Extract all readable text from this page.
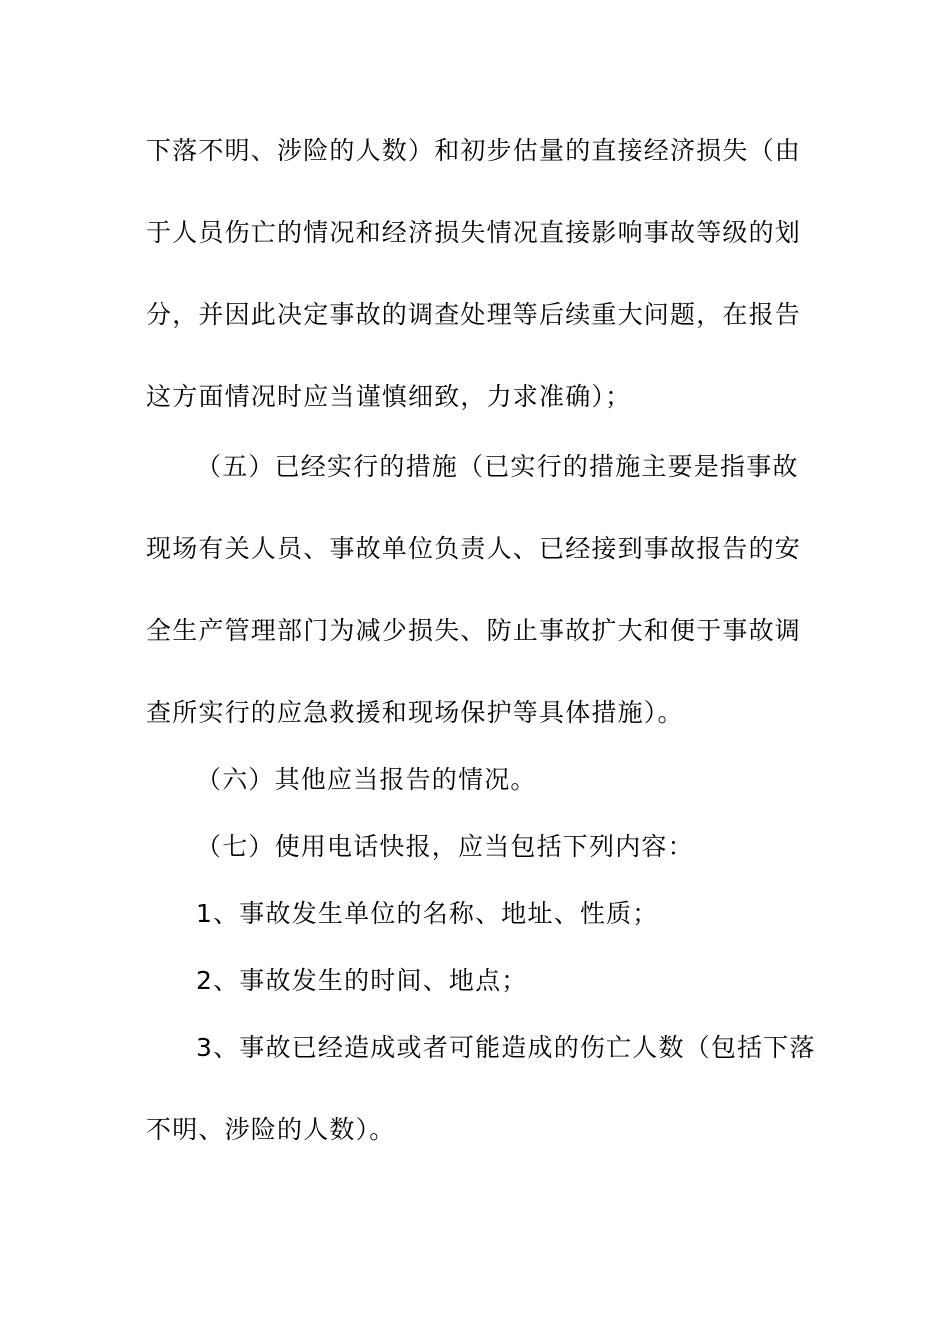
下落不明、涉险的人数）和初步估量的直接经济损失（由
于人员伤亡的情况和经济损失情况直接影响事故等级的划
分，并因此决定事故的调查处理等后续重大问题，在报告
这方面情况时应当谨慎细致，力求准确）；
（五）已经实行的措施（已实行的措施主要是指事故
现场有关人员、事故单位负责人、已经接到事故报告的安
全生产管理部门为减少损失、防止事故扩大和便于事故调
查所实行的应急救援和现场保护等具体措施）。
（六）其他应当报告的情况。
（七）使用电话快报，应当包括下列内容：
1、事故发生单位的名称、地址、性质；
2、事故发生的时间、地点；
3、事故已经造成或者可能造成的伤亡人数（包括下落
不明、涉险的人数）。
